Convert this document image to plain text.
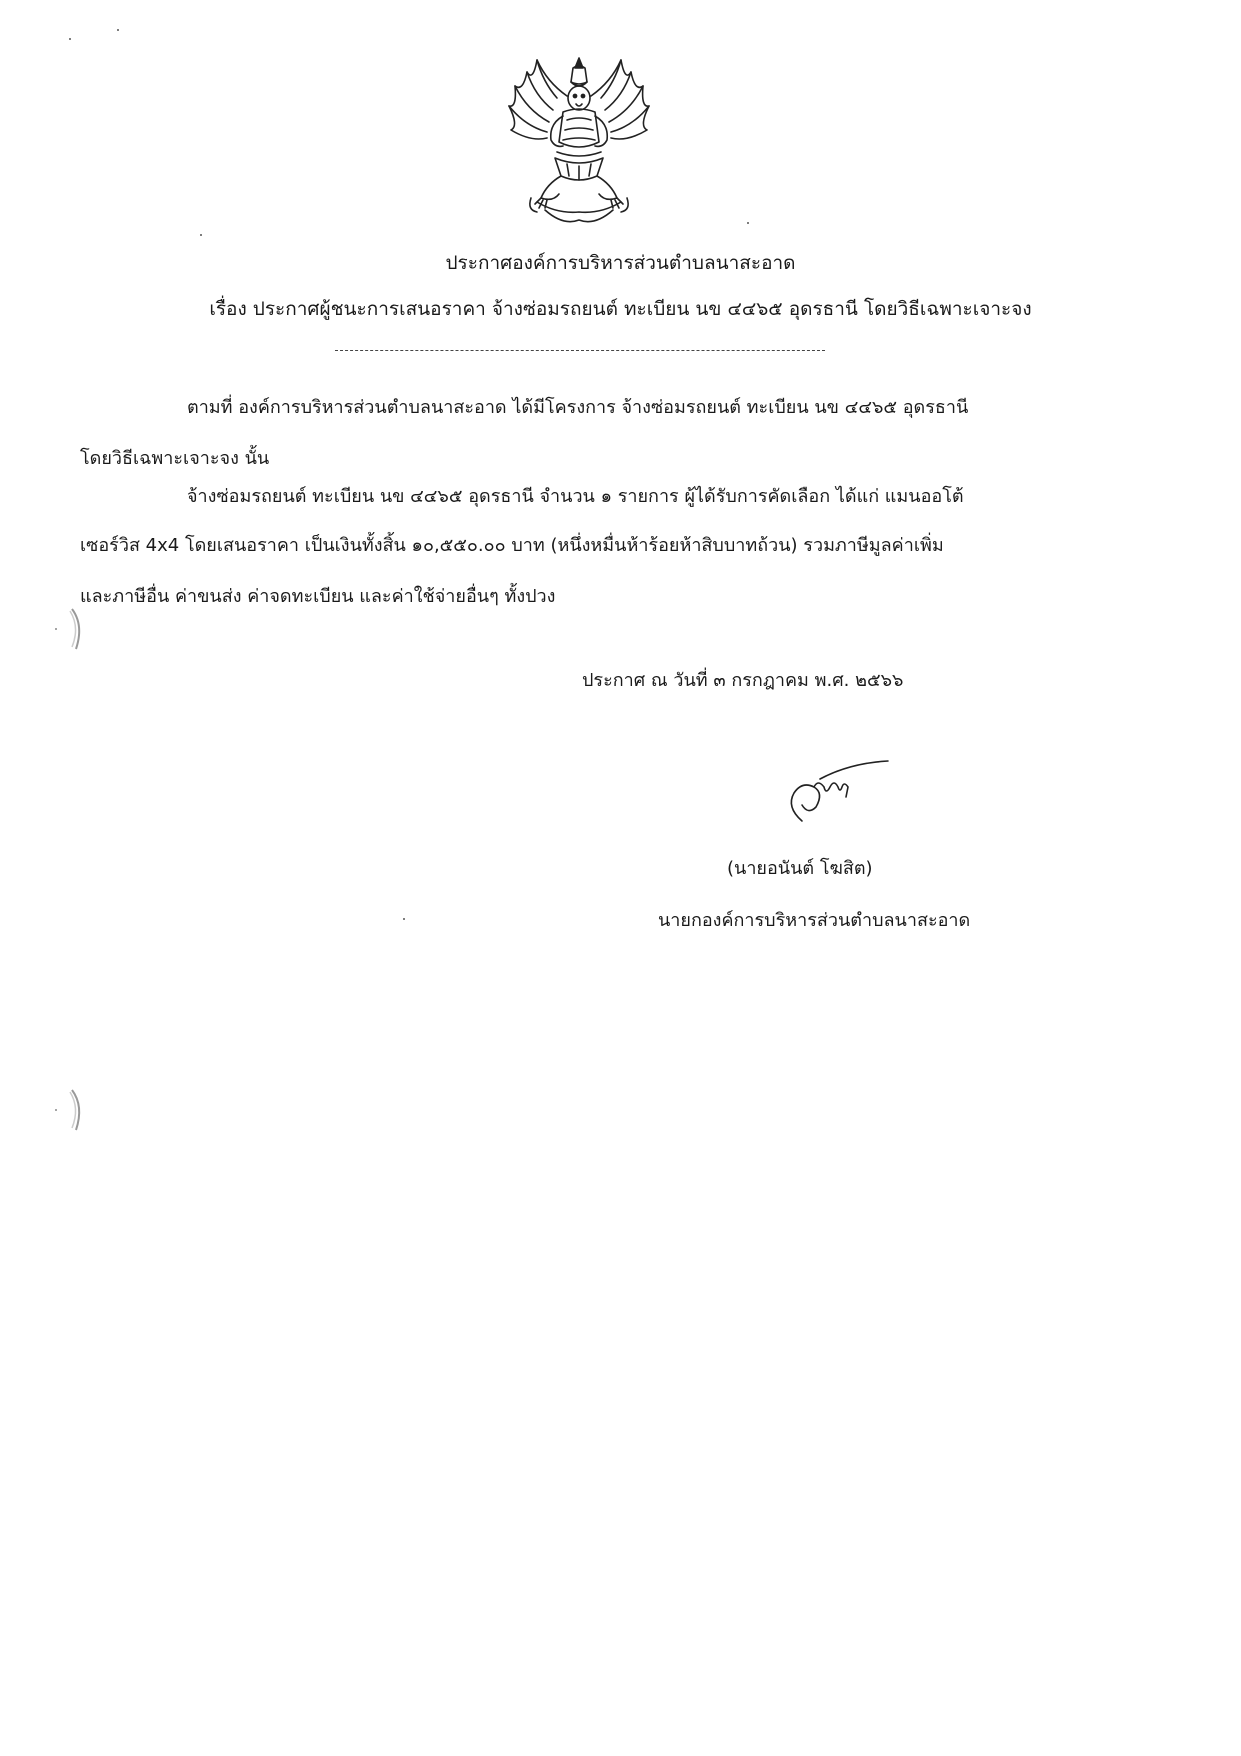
ประกาศองค์การบริหารส่วนตำบลนาสะอาด
เรื่อง ประกาศผู้ชนะการเสนอราคา จ้างซ่อมรถยนต์ ทะเบียน นข ๔๔๖๕ อุดรธานี โดยวิธีเฉพาะเจาะจง
ตามที่ องค์การบริหารส่วนตำบลนาสะอาด ได้มีโครงการ จ้างซ่อมรถยนต์ ทะเบียน นข ๔๔๖๕ อุดรธานี
โดยวิธีเฉพาะเจาะจง นั้น
จ้างซ่อมรถยนต์ ทะเบียน นข ๔๔๖๕ อุดรธานี จำนวน ๑ รายการ ผู้ได้รับการคัดเลือก ได้แก่ แมนออโต้
เซอร์วิส 4x4 โดยเสนอราคา เป็นเงินทั้งสิ้น ๑๐,๕๕๐.๐๐ บาท (หนึ่งหมื่นห้าร้อยห้าสิบบาทถ้วน) รวมภาษีมูลค่าเพิ่ม
และภาษีอื่น ค่าขนส่ง ค่าจดทะเบียน และค่าใช้จ่ายอื่นๆ ทั้งปวง
ประกาศ ณ วันที่ ๓ กรกฎาคม พ.ศ. ๒๕๖๖
(นายอนันต์ โฆสิต)
นายกองค์การบริหารส่วนตำบลนาสะอาด
